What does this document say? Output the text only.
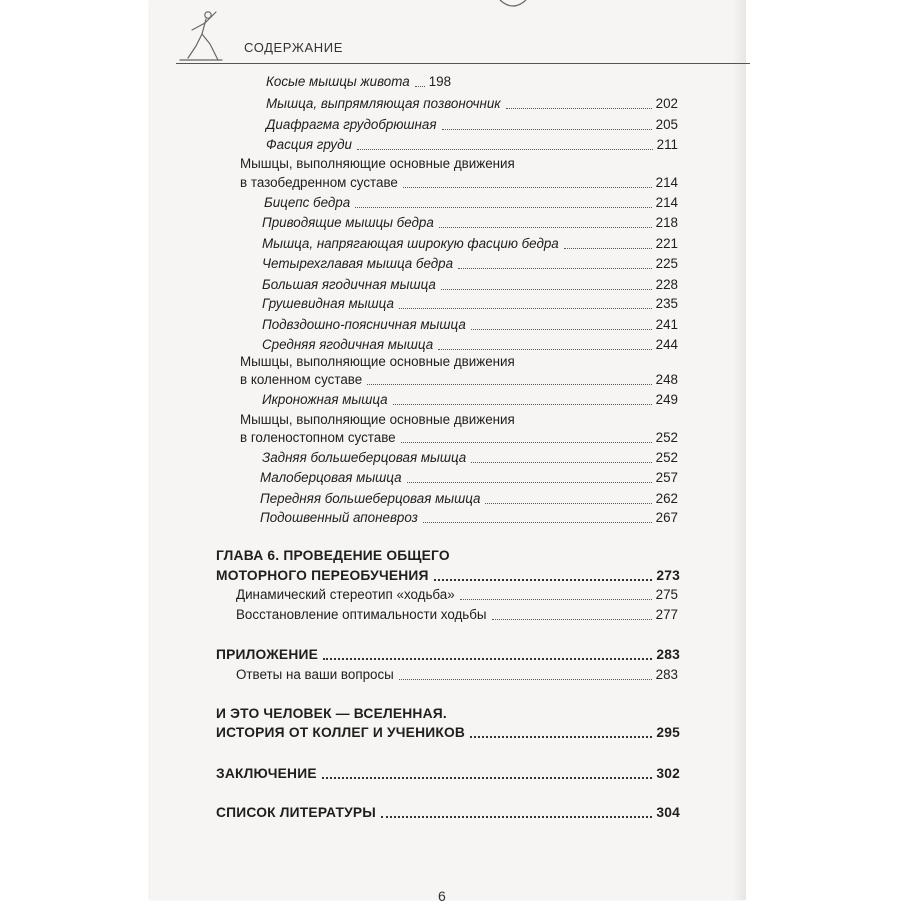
СОДЕРЖАНИЕ
Косые мышцы живота 198
Мышца, выпрямляющая позвоночник	202
Диафрагма грудобрюшная	205
Фасция груди	211
Мышцы, выполняющие основные движения
в тазобедренном суставе	214
Бицепс бедра	214
Приводящие мышцы бедра	218
Мышца, напрягающая широкую фасцию бедра	221
Четырехглавая мышца бедра	225
Большая ягодичная мышца	228
Грушевидная мышца	235
Подвздошно-поясничная мышца	241
Средняя ягодичная мышца	244
Мышцы, выполняющие основные движения
в коленном суставе	248
Икроножная мышца	249
Мышцы, выполняющие основные движения
в голеностопном суставе	252
Задняя большеберцовая мышца	252
Малоберцовая мышца	257
Передняя большеберцовая мышца	262
Подошвенный апоневроз	267
ГЛАВА 6. ПРОВЕДЕНИЕ ОБЩЕГО
МОТОРНОГО ПЕРЕОБУЧЕНИЯ	273
Динамический стереотип «ходьба»	275
Восстановление оптимальности ходьбы	277
ПРИЛОЖЕНИЕ	283
Ответы на ваши вопросы	283
И ЭТО ЧЕЛОВЕК — ВСЕЛЕННАЯ.
ИСТОРИЯ ОТ КОЛЛЕГ И УЧЕНИКОВ	295
ЗАКЛЮЧЕНИЕ	302
СПИСОК ЛИТЕРАТУРЫ	304
6
